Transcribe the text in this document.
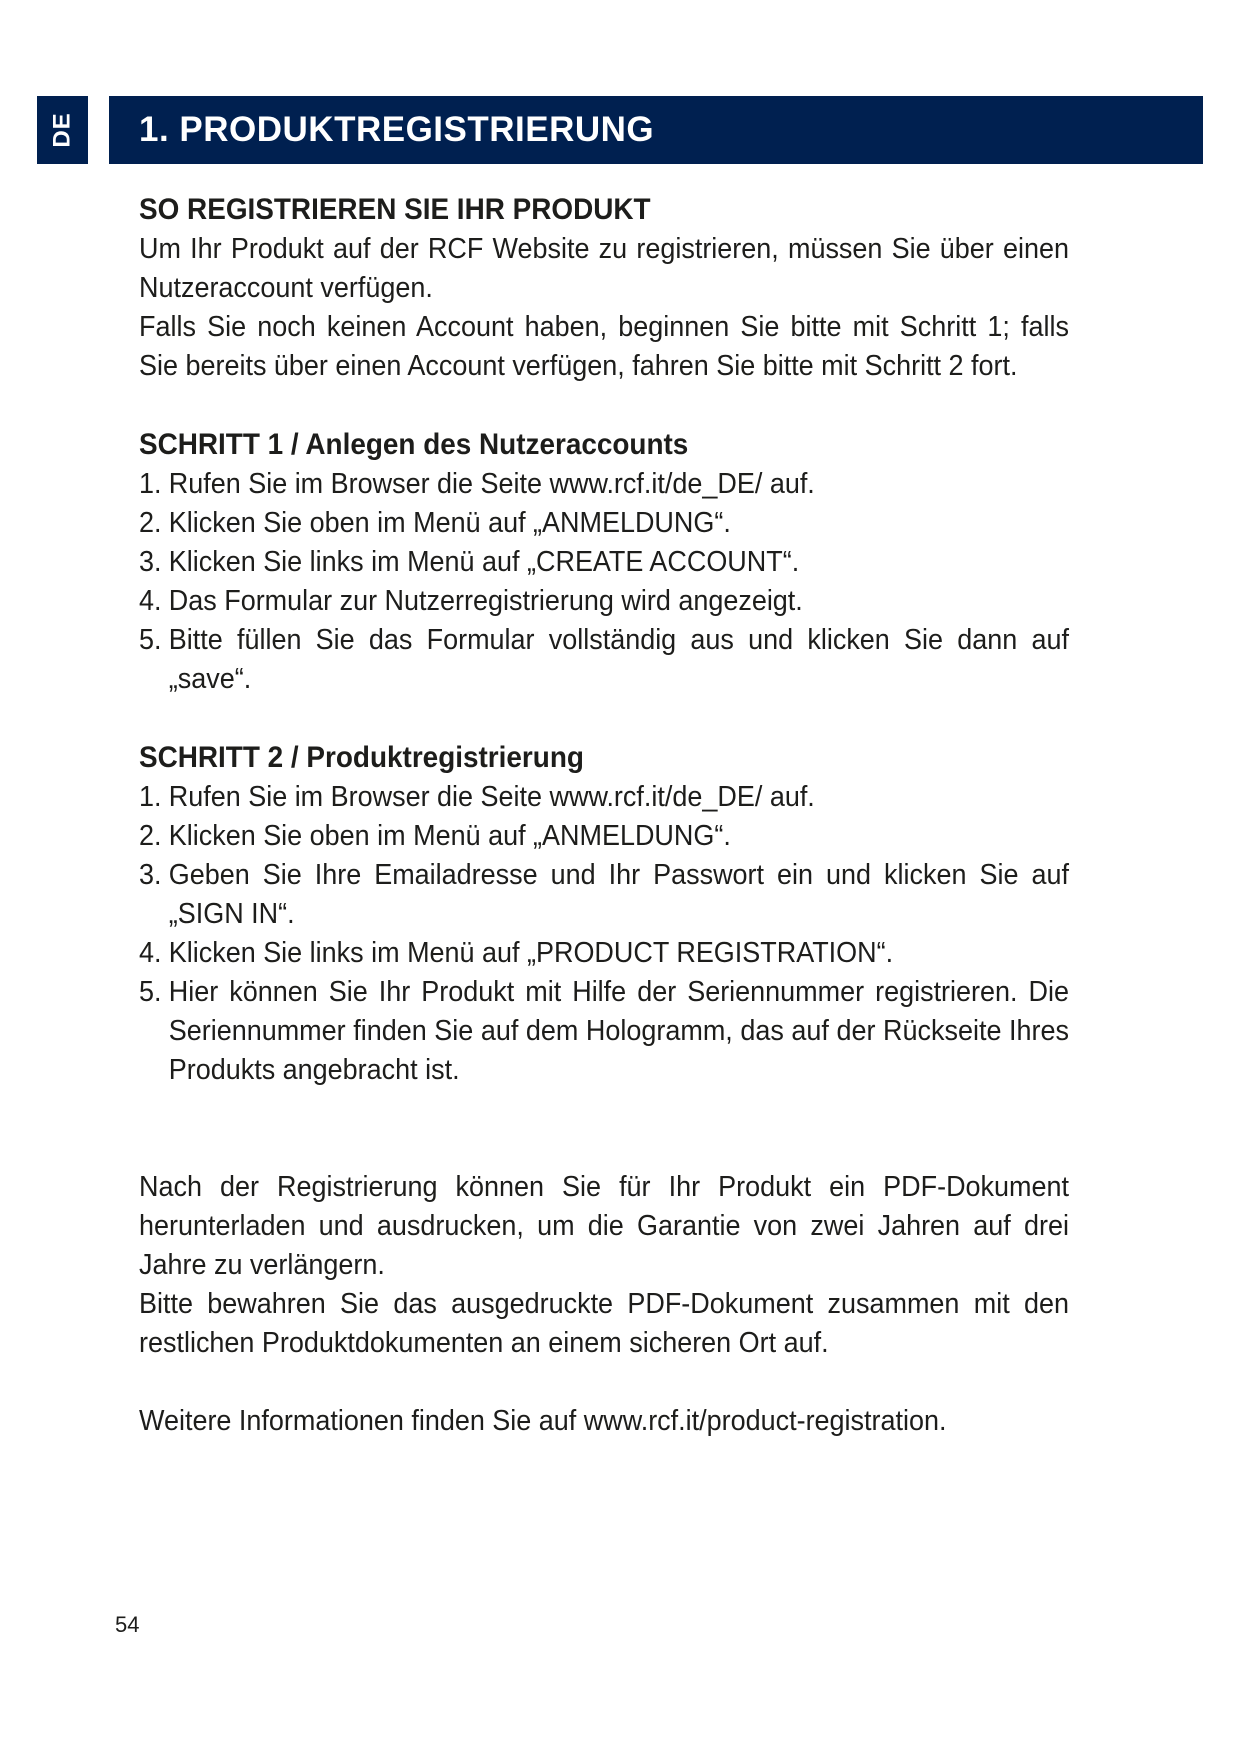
DE 1. PRODUKTREGISTRIERUNG
SO REGISTRIEREN SIE IHR PRODUKT

Um Ihr Produkt auf der RCF Website zu registrieren, müssen Sie über einen Nutzeraccount verfügen.

Falls Sie noch keinen Account haben, beginnen Sie bitte mit Schritt 1; falls Sie bereits über einen Account verfügen, fahren Sie bitte mit Schritt 2 fort.

SCHRITT 1 / Anlegen des Nutzeraccounts
1. Rufen Sie im Browser die Seite www.rcf.it/de_DE/ auf.
2. Klicken Sie oben im Menü auf „ANMELDUNG“.
3. Klicken Sie links im Menü auf „CREATE ACCOUNT“.
4. Das Formular zur Nutzerregistrierung wird angezeigt.
5. Bitte füllen Sie das Formular vollständig aus und klicken Sie dann auf „save“.
SCHRITT 2 / Produktregistrierung
1. Rufen Sie im Browser die Seite www.rcf.it/de_DE/ auf.
2. Klicken Sie oben im Menü auf „ANMELDUNG“.
3. Geben Sie Ihre Emailadresse und Ihr Passwort ein und klicken Sie auf „SIGN IN“.
4. Klicken Sie links im Menü auf „PRODUCT REGISTRATION“.
5. Hier können Sie Ihr Produkt mit Hilfe der Seriennummer registrieren. Die Seriennummer finden Sie auf dem Hologramm, das auf der Rückseite Ihres Produkts angebracht ist.

Nach der Registrierung können Sie für Ihr Produkt ein PDF-Dokument herunterladen und ausdrucken, um die Garantie von zwei Jahren auf drei Jahre zu verlängern.

Bitte bewahren Sie das ausgedruckte PDF-Dokument zusammen mit den restlichen Produktdokumenten an einem sicheren Ort auf.

Weitere Informationen finden Sie auf www.rcf.it/product-registration.

54
